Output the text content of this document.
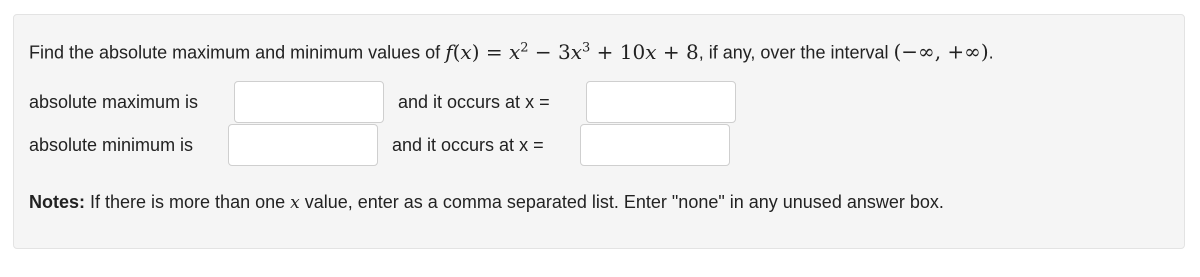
Find the absolute maximum and minimum values of $f(x) = x^2 - 3x^3 + 10x + 8$, if any, over the interval (−∞, +∞).
absolute maximum is	and it occurs at x =
absolute minimum is	and it occurs at x =
Notes: If there is more than one x value, enter as a comma separated list. Enter "none" in any unused answer box.
